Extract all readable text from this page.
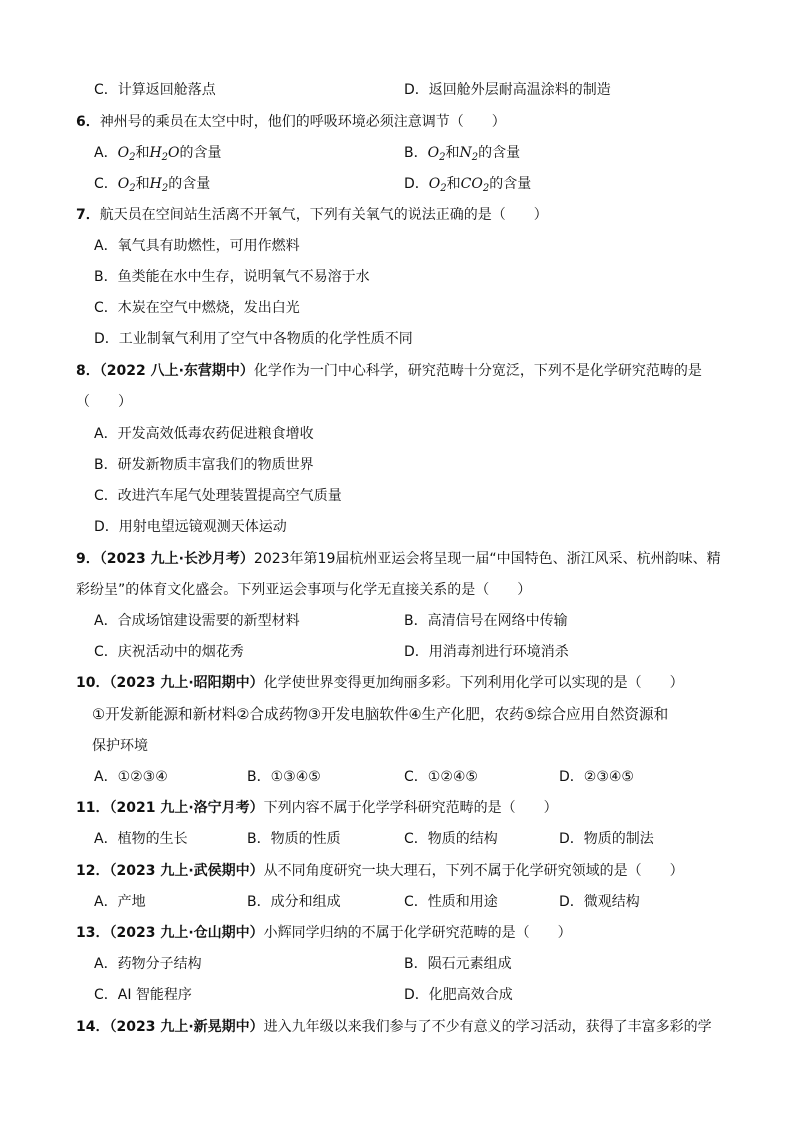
C．计算返回舱落点	D．返回舱外层耐高温涂料的制造
6．神州号的乘员在太空中时，他们的呼吸环境必须注意调节（　　）
A．$O_2$和$H_2O$的含量	B．$O_2$和$N_2$的含量
C．$O_2$和$H_2$的含量	D．$O_2$和$CO_2$的含量
7．航天员在空间站生活离不开氧气，下列有关氧气的说法正确的是（　　）
A．氧气具有助燃性，可用作燃料
B．鱼类能在水中生存，说明氧气不易溶于水
C．木炭在空气中燃烧，发出白光
D．工业制氧气利用了空气中各物质的化学性质不同
8．（2022 八上·东营期中）化学作为一门中心科学，研究范畴十分宽泛，下列不是化学研究范畴的是
（　　）
A．开发高效低毒农药促进粮食增收
B．研发新物质丰富我们的物质世界
C．改进汽车尾气处理装置提高空气质量
D．用射电望远镜观测天体运动
9．（2023 九上·长沙月考）2023年第19届杭州亚运会将呈现一届“中国特色、浙江风采、杭州韵味、精
彩纷呈”的体育文化盛会。下列亚运会事项与化学无直接关系的是（　　）
A．合成场馆建设需要的新型材料	B．高清信号在网络中传输
C．庆祝活动中的烟花秀	D．用消毒剂进行环境消杀
10．（2023 九上·昭阳期中）化学使世界变得更加绚丽多彩。下列利用化学可以实现的是（　　）
①开发新能源和新材料②合成药物③开发电脑软件④生产化肥，农药⑤综合应用自然资源和
保护环境
A．①②③④	B．①③④⑤	C．①②④⑤	D．②③④⑤
11．（2021 九上·洛宁月考）下列内容不属于化学学科研究范畴的是（　　）
A．植物的生长	B．物质的性质	C．物质的结构	D．物质的制法
12．（2023 九上·武侯期中）从不同角度研究一块大理石，下列不属于化学研究领域的是（　　）
A．产地	B．成分和组成	C．性质和用途	D．微观结构
13．（2023 九上·仓山期中）小辉同学归纳的不属于化学研究范畴的是（　　）
A．药物分子结构	B．陨石元素组成
C．AI 智能程序	D．化肥高效合成
14．（2023 九上·新晃期中）进入九年级以来我们参与了不少有意义的学习活动，获得了丰富多彩的学
